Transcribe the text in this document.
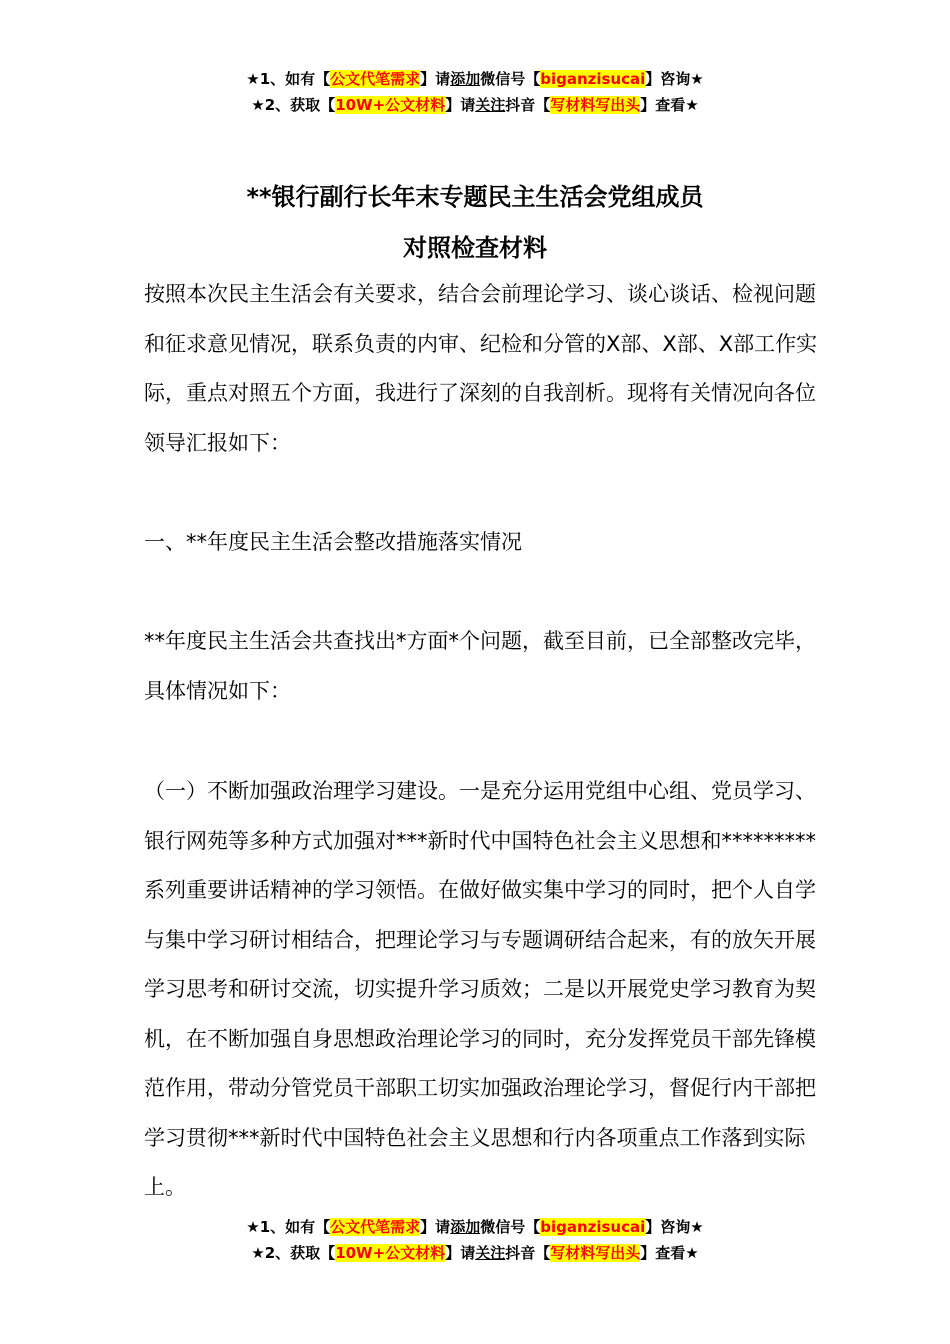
★1、如有【公文代笔需求】请添加微信号【biganzisucai】咨询★
★2、获取【10W+公文材料】请关注抖音【写材料写出头】查看★
**银行副行长年末专题民主生活会党组成员
对照检查材料
按照本次民主生活会有关要求，结合会前理论学习、谈心谈话、检视问题和征求意见情况，联系负责的内审、纪检和分管的X部、X部、X部工作实际，重点对照五个方面，我进行了深刻的自我剖析。现将有关情况向各位领导汇报如下：
一、**年度民主生活会整改措施落实情况
**年度民主生活会共查找出*方面*个问题，截至目前，已全部整改完毕，具体情况如下：
（一）不断加强政治理学习建设。一是充分运用党组中心组、党员学习、银行网苑等多种方式加强对***新时代中国特色社会主义思想和*********系列重要讲话精神的学习领悟。在做好做实集中学习的同时，把个人自学与集中学习研讨相结合，把理论学习与专题调研结合起来，有的放矢开展学习思考和研讨交流，切实提升学习质效；二是以开展党史学习教育为契机，在不断加强自身思想政治理论学习的同时，充分发挥党员干部先锋模范作用，带动分管党员干部职工切实加强政治理论学习，督促行内干部把学习贯彻***新时代中国特色社会主义思想和行内各项重点工作落到实际上。
★1、如有【公文代笔需求】请添加微信号【biganzisucai】咨询★
★2、获取【10W+公文材料】请关注抖音【写材料写出头】查看★
